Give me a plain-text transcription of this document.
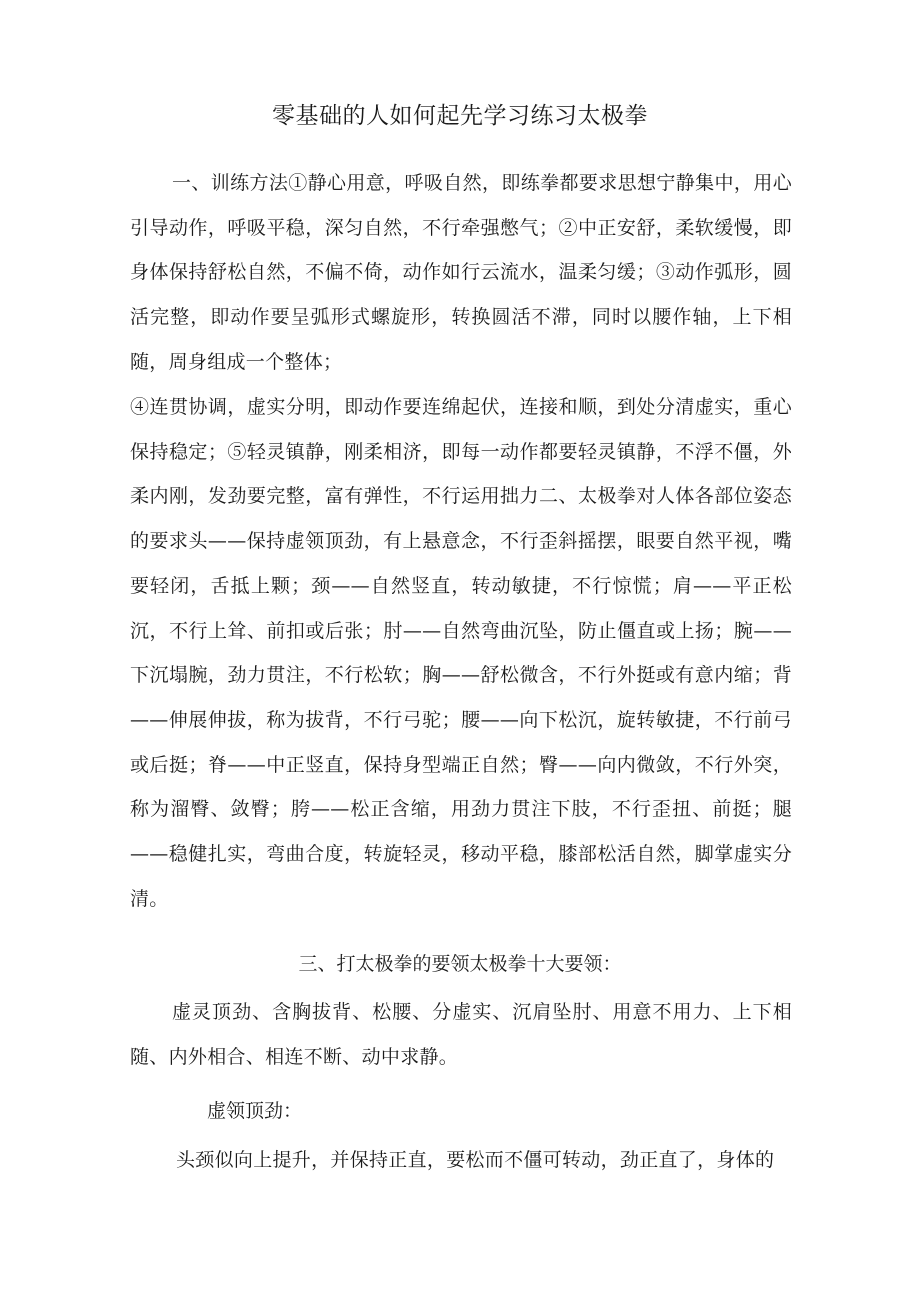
零基础的人如何起先学习练习太极拳
一、训练方法①静心用意，呼吸自然，即练拳都要求思想宁静集中，用心引导动作，呼吸平稳，深匀自然，不行牵强憋气；②中正安舒，柔软缓慢，即身体保持舒松自然，不偏不倚，动作如行云流水，温柔匀缓；③动作弧形，圆活完整，即动作要呈弧形式螺旋形，转换圆活不滞，同时以腰作轴，上下相随，周身组成一个整体；
④连贯协调，虚实分明，即动作要连绵起伏，连接和顺，到处分清虚实，重心保持稳定；⑤轻灵镇静，刚柔相济，即每一动作都要轻灵镇静，不浮不僵，外柔内刚，发劲要完整，富有弹性，不行运用拙力二、太极拳对人体各部位姿态的要求头——保持虚领顶劲，有上悬意念，不行歪斜摇摆，眼要自然平视，嘴要轻闭，舌抵上颗；颈——自然竖直，转动敏捷，不行惊慌；肩——平正松沉，不行上耸、前扣或后张；肘——自然弯曲沉坠，防止僵直或上扬；腕——下沉塌腕，劲力贯注，不行松软；胸——舒松微含，不行外挺或有意内缩；背——伸展伸拔，称为拔背，不行弓驼；腰——向下松沉，旋转敏捷，不行前弓或后挺；脊——中正竖直，保持身型端正自然；臀——向内微敛，不行外突，称为溜臀、敛臀；胯——松正含缩，用劲力贯注下肢，不行歪扭、前挺；腿——稳健扎实，弯曲合度，转旋轻灵，移动平稳，膝部松活自然，脚掌虚实分清。
三、打太极拳的要领太极拳十大要领：
虚灵顶劲、含胸拔背、松腰、分虚实、沉肩坠肘、用意不用力、上下相随、内外相合、相连不断、动中求静。
虚领顶劲：
头颈似向上提升，并保持正直，要松而不僵可转动，劲正直了，身体的
